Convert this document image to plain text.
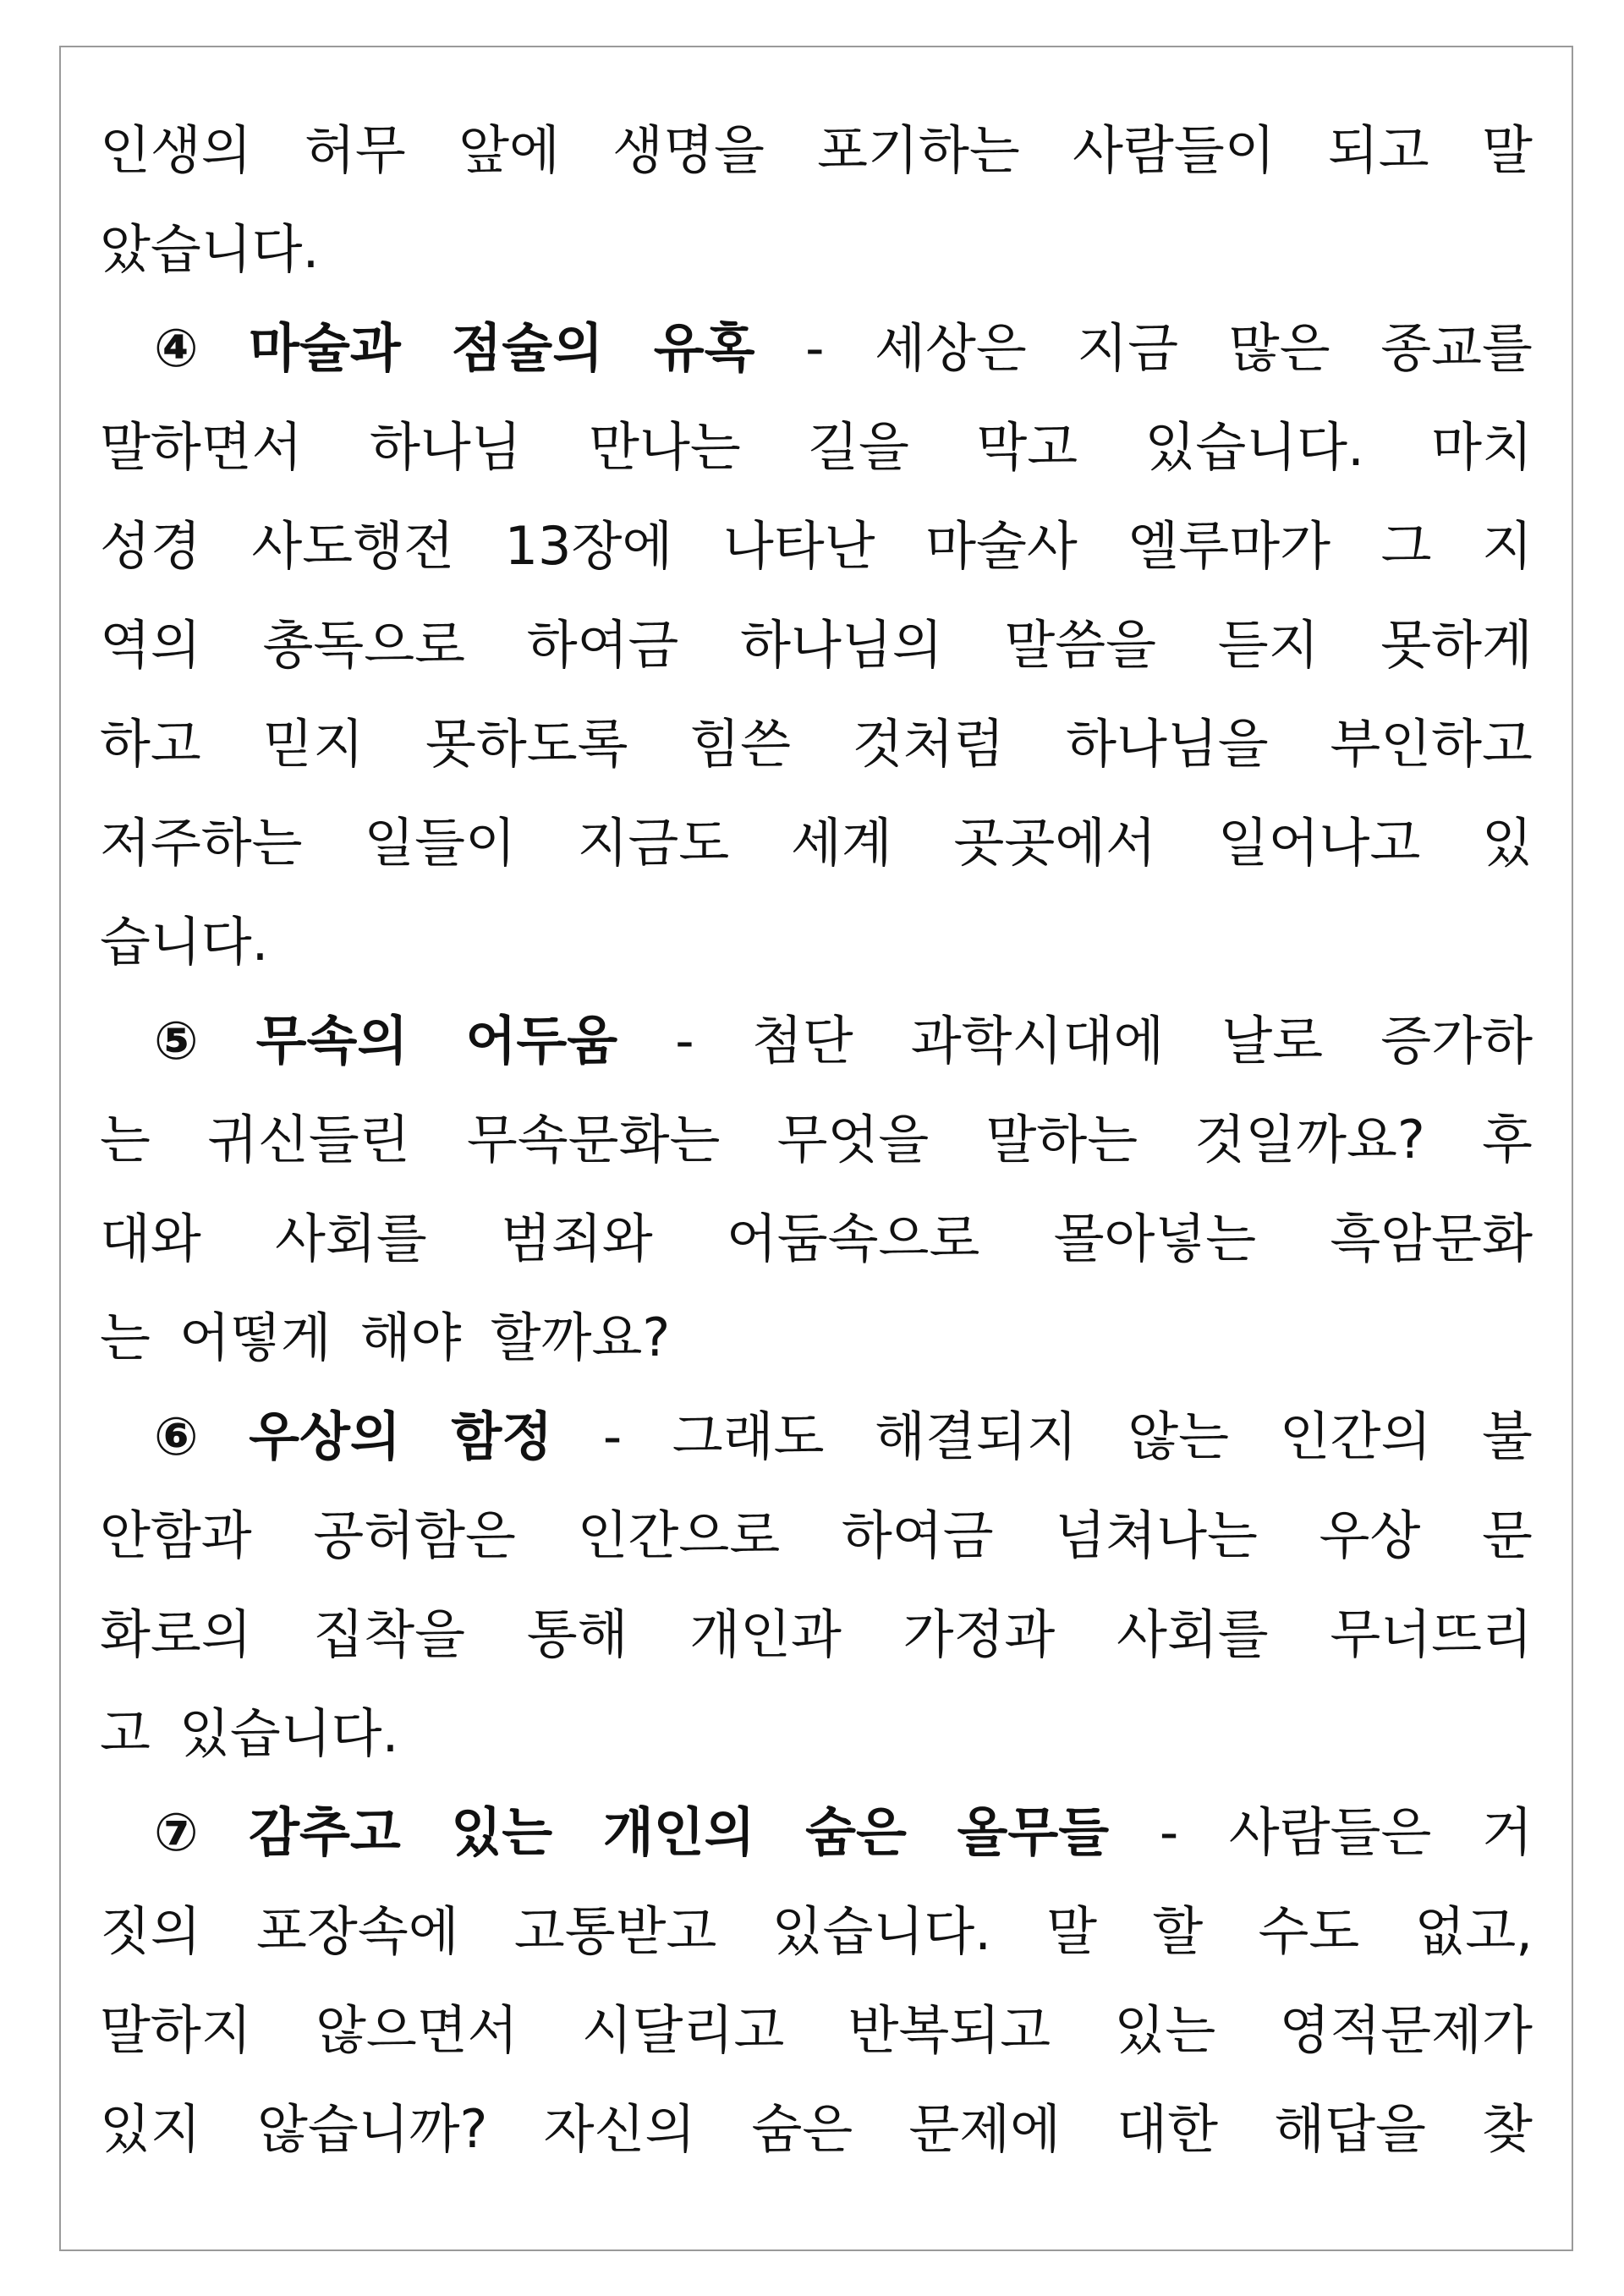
인생의 허무 앞에 생명을 포기하는 사람들이 되고 말
았습니다.
④ 마술과 점술의 유혹 - 세상은 지금 많은 종교를
말하면서 하나님 만나는 길을 막고 있습니다. 마치
성경 사도행전 13장에 나타난 마술사 엘루마가 그 지
역의 총독으로 하여금 하나님의 말씀을 듣지 못하게
하고 믿지 못하도록 힘쓴 것처럼 하나님을 부인하고
저주하는 일들이 지금도 세계 곳곳에서 일어나고 있
습니다.
⑤ 무속의 어두움 - 첨단 과학시대에 날로 증가하
는 귀신들린 무속문화는 무엇을 말하는 것일까요? 후
대와 사회를 범죄와 어둠속으로 몰아넣는 흑암문화
는 어떻게 해야 할까요?
⑥ 우상의 함정 - 그래도 해결되지 않는 인간의 불
안함과 공허함은 인간으로 하여금 넘쳐나는 우상 문
화로의 집착을 통해 개인과 가정과 사회를 무너뜨리
고 있습니다.
⑦ 감추고 있는 개인의 숨은 올무들 - 사람들은 거
짓의 포장속에 고통받고 있습니다. 말 할 수도 없고,
말하지 않으면서 시달리고 반복되고 있는 영적문제가
있지 않습니까? 자신의 숨은 문제에 대한 해답을 찾
